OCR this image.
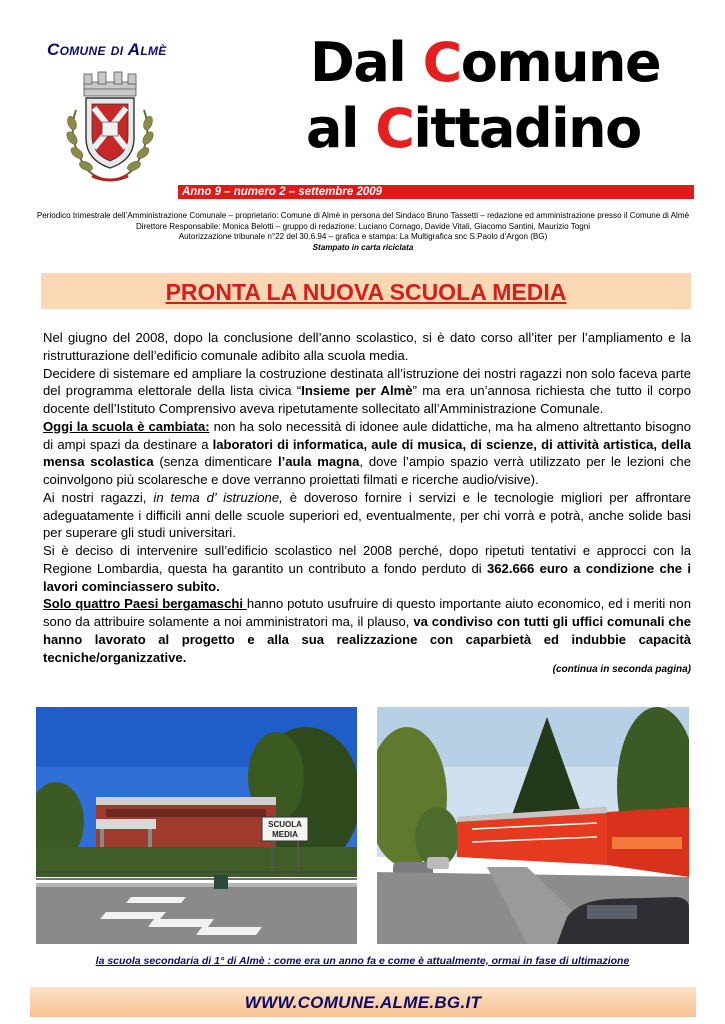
Comune di Almè	Dal Comune
al Cittadino
Anno 9 – numero 2 – settembre 2009
Periodico trimestrale dell’Amministrazione Comunale – proprietario: Comune di Almè in persona del Sindaco Bruno Tassetti – redazione ed amministrazione presso il Comune di Almè
Direttore Responsabile: Monica Belotti – gruppo di redazione: Luciano Cornago, Davide Vitali, Giacomo Santini, Maurizio Togni
Autorizzazione tribunale n°22 del 30.6.94 – grafica e stampa: La Multigrafica snc S.Paolo d’Argon (BG)
Stampato in carta riciclata
PRONTA LA NUOVA SCUOLA MEDIA

Nel giugno del 2008, dopo la conclusione dell’anno scolastico, si è dato corso all’iter per l’ampliamento e la ristrutturazione dell’edificio comunale adibito alla scuola media.

Decidere di sistemare ed ampliare la costruzione destinata all’istruzione dei nostri ragazzi non solo faceva parte del programma elettorale della lista civica “Insieme per Almè” ma era un’annosa richiesta che tutto il corpo docente dell’Istituto Comprensivo aveva ripetutamente sollecitato all’Amministrazione Comunale.

Oggi la scuola è cambiata: non ha solo necessità di idonee aule didattiche, ma ha almeno altrettanto bisogno di ampi spazi da destinare a laboratori di informatica, aule di musica, di scienze, di attività artistica, della mensa scolastica (senza dimenticare l’aula magna, dove l’ampio spazio verrà utilizzato per le lezioni che coinvolgono più scolaresche e dove verranno proiettati filmati e ricerche audio/visive).

Ai nostri ragazzi, in tema d’ istruzione, è doveroso fornire i servizi e le tecnologie migliori per affrontare adeguatamente i difficili anni delle scuole superiori ed, eventualmente, per chi vorrà e potrà, anche solide basi per superare gli studi universitari.

Si è deciso di intervenire sull’edificio scolastico nel 2008 perché, dopo ripetuti tentativi e approcci con la Regione Lombardia, questa ha garantito un contributo a fondo perduto di 362.666 euro a condizione che i lavori cominciassero subito.

Solo quattro Paesi bergamaschi hanno potuto usufruire di questo importante aiuto economico, ed i meriti non sono da attribuire solamente a noi amministratori ma, il plauso, va condiviso con tutti gli uffici comunali che hanno lavorato al progetto e alla sua realizzazione con caparbietà ed indubbie capacità tecniche/organizzative.

(continua in seconda pagina)
SCUOLA
MEDIA
la scuola secondaria di 1° di Almè : come era un anno fa e come è attualmente, ormai in fase di ultimazione
WWW.COMUNE.ALME.BG.IT
